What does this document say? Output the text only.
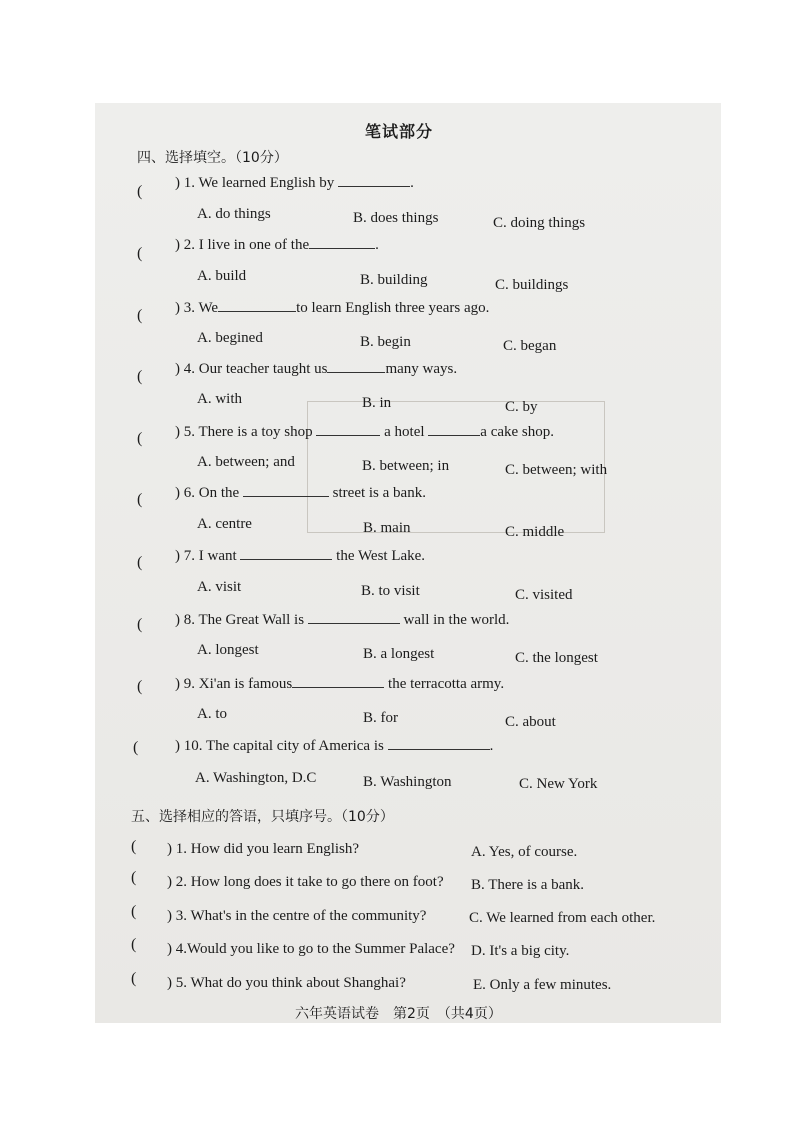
笔试部分
四、选择填空。（10分）
( ) 1. We learned English by	.
A. do things	B. does things	C. doing things
( ) 2. I live in one of the	.
A. build	B. building	C. buildings
( ) 3. We	to learn English three years ago.
A. begined	B. begin	C. began
( ) 4. Our teacher taught us	many ways.
A. with	B. in	C. by
( ) 5. There is a toy shop	a hotel	a cake shop.
A. between; and	B. between; in	C. between; with
( ) 6. On the	street is a bank.
A. centre	B. main	C. middle
( ) 7. I want	the West Lake.
A. visit	B. to visit	C. visited
( ) 8. The Great Wall is	wall in the world.
A. longest	B. a longest	C. the longest
( ) 9. Xi'an is famous	the terracotta army.
A. to	B. for	C. about
( ) 10. The capital city of America is	.
A. Washington, D.C	B. Washington	C. New York
五、选择相应的答语，只填序号。（10分）
( ) 1. How did you learn English?	A. Yes, of course.
( ) 2. How long does it take to go there on foot? B. There is a bank.
( ) 3. What's in the centre of the community?	C. We learned from each other.
( ) 4.Would you like to go to the Summer Palace? D. It's a big city.
( ) 5. What do you think about Shanghai?	E. Only a few minutes.
六年英语试卷　第2页　（共4页）
